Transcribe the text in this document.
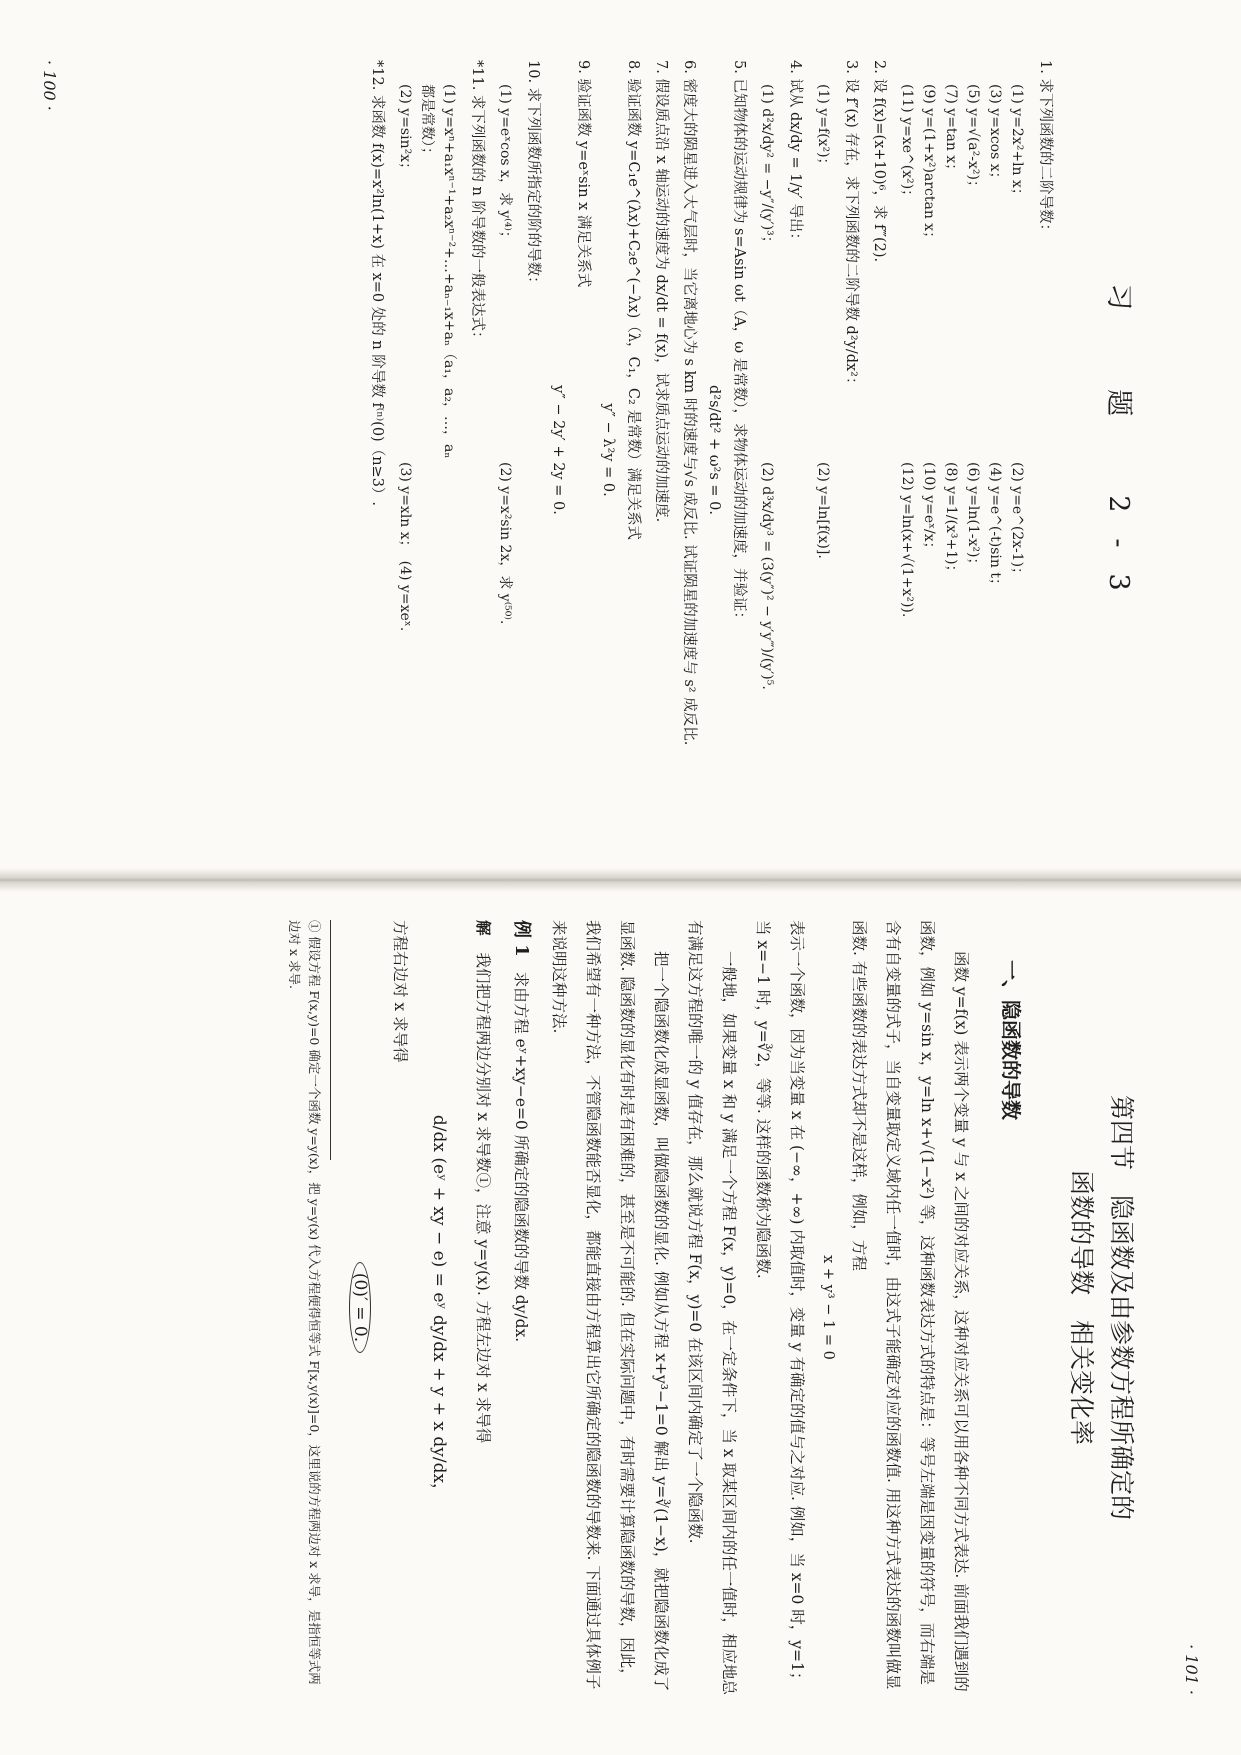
习　题　2-3
1. 求下列函数的二阶导数：
(1) y=2x²+ln x；
(2) y=e^(2x-1)；
(3) y=xcos x；
(4) y=e^(-t)sin t；
(5) y=√(a²-x²)；
(6) y=ln(1-x²)；
(7) y=tan x；
(8) y=1/(x³+1)；
(9) y=(1+x²)arctan x；
(10) y=eˣ/x；
(11) y=xe^(x²)；
(12) y=ln(x+√(1+x²)).
2. 设 f(x)=(x+10)⁶，求 f‴(2).
3. 设 f″(x) 存在，求下列函数的二阶导数 d²y/dx²：
(1) y=f(x²)；
(2) y=ln[f(x)].
4. 试从 dx/dy = 1/y′ 导出：
(1) d²x/dy² = −y″/(y′)³；
(2) d³x/dy³ = (3(y″)² − y′y‴)/(y′)⁵.
5. 已知物体的运动规律为 s=Asin ωt（A，ω 是常数），求物体运动的加速度，并验证：
d²s/dt² + ω²s = 0.
6. 密度大的陨星进入大气层时，当它离地心为 s km 时的速度与√s 成反比. 试证陨星的加速度与 s² 成反比.
7. 假设质点沿 x 轴运动的速度为 dx/dt = f(x)，试求质点运动的加速度.
8. 验证函数 y=C₁e^(λx)+C₂e^(−λx)（λ，C₁，C₂ 是常数）满足关系式
y″ − λ²y = 0.
9. 验证函数 y=eˣsin x 满足关系式
y″ − 2y′ + 2y = 0.
10. 求下列函数所指定的阶的导数：
(1) y=eˣcos x，求 y⁽⁴⁾；
(2) y=x²sin 2x，求 y⁽⁵⁰⁾.
*11. 求下列函数的 n 阶导数的一般表达式：
(1) y=xⁿ+a₁xⁿ⁻¹+a₂xⁿ⁻²+…+aₙ₋₁x+aₙ（a₁，a₂，…，aₙ 都是常数）；
(2) y=sin²x；
(3) y=xln x；　(4) y=xeˣ.
*12. 求函数 f(x)=x²ln(1+x) 在 x=0 处的 n 阶导数 f⁽ⁿ⁾(0)（n≥3）.
· 100 ·
· 101 ·
第四节　隐函数及由参数方程所确定的
函数的导数　相关变化率
一、隐函数的导数

函数 y=f(x) 表示两个变量 y 与 x 之间的对应关系，这种对应关系可以用各种不同方式表达. 前面我们遇到的函数，例如 y=sin x，y=ln x+√(1−x²) 等，这种函数表达方式的特点是：等号左端是因变量的符号，而右端是含有自变量的式子，当自变量取定义域内任一值时，由这式子能确定对应的函数值. 用这种方式表达的函数叫做显函数. 有些函数的表达方式却不是这样，例如，方程

x + y³ − 1 = 0

表示一个函数，因为当变量 x 在 (−∞，+∞) 内取值时，变量 y 有确定的值与之对应. 例如，当 x=0 时，y=1；当 x=−1 时，y=∛2，等等. 这样的函数称为隐函数.

一般地，如果变量 x 和 y 满足一个方程 F(x，y)=0，在一定条件下，当 x 取某区间内的任一值时，相应地总有满足这方程的唯一的 y 值存在，那么就说方程 F(x，y)=0 在该区间内确定了一个隐函数.

把一个隐函数化成显函数，叫做隐函数的显化. 例如从方程 x+y³−1=0 解出 y=∛(1−x)，就把隐函数化成了显函数. 隐函数的显化有时是有困难的，甚至是不可能的. 但在实际问题中，有时需要计算隐函数的导数，因此，我们希望有一种方法，不管隐函数能否显化，都能直接由方程算出它所确定的隐函数的导数来. 下面通过具体例子来说明这种方法.

例 1 求由方程 eʸ+xy−e=0 所确定的隐函数的导数 dy/dx.
解 我们把方程两边分别对 x 求导数①，注意 y=y(x). 方程左边对 x 求导得
d/dx (eʸ + xy − e) = eʸ dy/dx + y + x dy/dx，
方程右边对 x 求导得
(0)′ = 0.
① 假设方程 F(x,y)=0 确定一个函数 y=y(x)，把 y=y(x) 代入方程便得恒等式 F[x,y(x)]=0，这里说的方程两边对 x 求导，是指恒等式两边对 x 求导.
